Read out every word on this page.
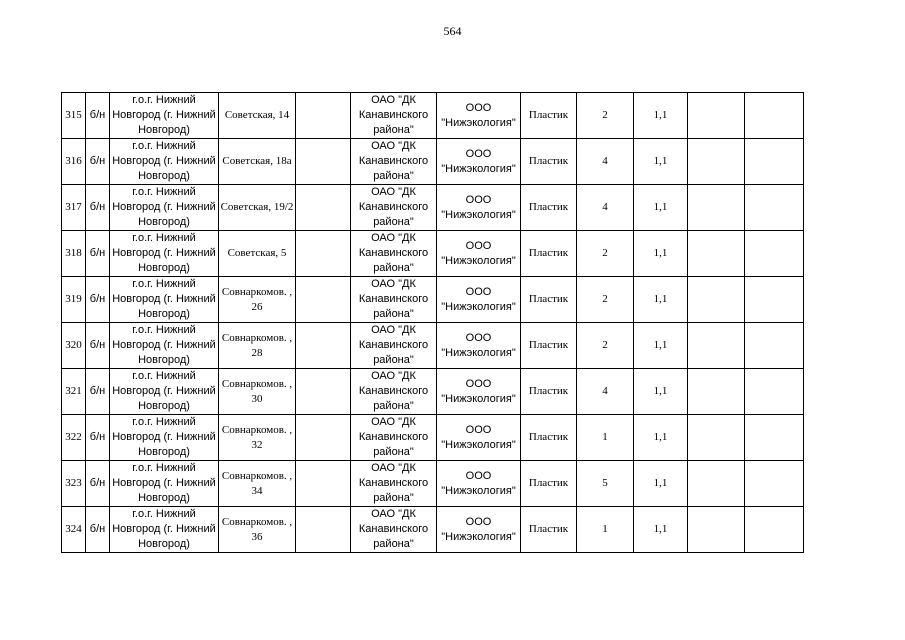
564
315	б/н	г.о.г. Нижний Новгород (г. Нижний Новгород)	Советская, 14		ОАО "ДК Канавинского района"	ООО "Нижэкология"	Пластик	2	1,1		
316	б/н	г.о.г. Нижний Новгород (г. Нижний Новгород)	Советская, 18а		ОАО "ДК Канавинского района"	ООО "Нижэкология"	Пластик	4	1,1		
317	б/н	г.о.г. Нижний Новгород (г. Нижний Новгород)	Советская, 19/2		ОАО "ДК Канавинского района"	ООО "Нижэкология"	Пластик	4	1,1		
318	б/н	г.о.г. Нижний Новгород (г. Нижний Новгород)	Советская, 5		ОАО "ДК Канавинского района"	ООО "Нижэкология"	Пластик	2	1,1		
319	б/н	г.о.г. Нижний Новгород (г. Нижний Новгород)	Совнаркомов. , 26		ОАО "ДК Канавинского района"	ООО "Нижэкология"	Пластик	2	1,1		
320	б/н	г.о.г. Нижний Новгород (г. Нижний Новгород)	Совнаркомов. , 28		ОАО "ДК Канавинского района"	ООО "Нижэкология"	Пластик	2	1,1		
321	б/н	г.о.г. Нижний Новгород (г. Нижний Новгород)	Совнаркомов. , 30		ОАО "ДК Канавинского района"	ООО "Нижэкология"	Пластик	4	1,1		
322	б/н	г.о.г. Нижний Новгород (г. Нижний Новгород)	Совнаркомов. , 32		ОАО "ДК Канавинского района"	ООО "Нижэкология"	Пластик	1	1,1		
323	б/н	г.о.г. Нижний Новгород (г. Нижний Новгород)	Совнаркомов. , 34		ОАО "ДК Канавинского района"	ООО "Нижэкология"	Пластик	5	1,1		
324	б/н	г.о.г. Нижний Новгород (г. Нижний Новгород)	Совнаркомов. , 36		ОАО "ДК Канавинского района"	ООО "Нижэкология"	Пластик	1	1,1		
